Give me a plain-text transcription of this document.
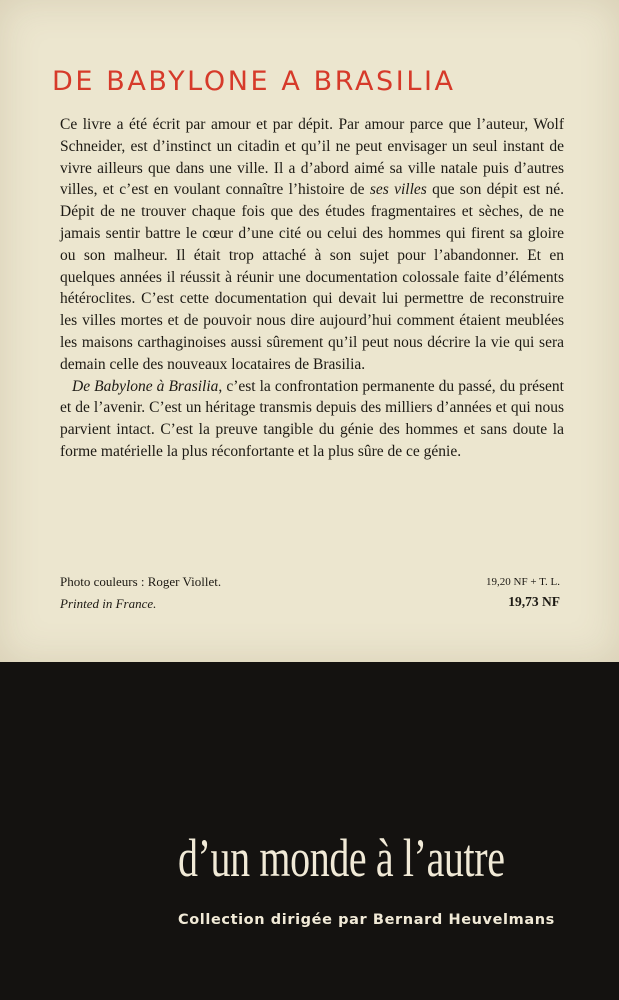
DE BABYLONE A BRASILIA

Ce livre a été écrit par amour et par dépit. Par amour parce que l’auteur, Wolf Schneider, est d’instinct un citadin et qu’il ne peut envisager un seul instant de vivre ailleurs que dans une ville. Il a d’abord aimé sa ville natale puis d’autres villes, et c’est en voulant connaître l’histoire de ses villes que son dépit est né. Dépit de ne trouver chaque fois que des études fragmentaires et sèches, de ne jamais sentir battre le cœur d’une cité ou celui des hommes qui firent sa gloire ou son malheur. Il était trop attaché à son sujet pour l’abandonner. Et en quelques années il réussit à réunir une documentation colossale faite d’éléments hétéroclites. C’est cette documentation qui devait lui permettre de reconstruire les villes mortes et de pouvoir nous dire aujourd’hui comment étaient meublées les maisons carthaginoises aussi sûrement qu’il peut nous décrire la vie qui sera demain celle des nouveaux locataires de Brasilia.

De Babylone à Brasilia, c’est la confrontation permanente du passé, du présent et de l’avenir. C’est un héritage transmis depuis des milliers d’années et qui nous parvient intact. C’est la preuve tangible du génie des hommes et sans doute la forme matérielle la plus réconfortante et la plus sûre de ce génie.

Photo couleurs : Roger Viollet.
Printed in France.
19,20 NF + T. L.
19,73 NF
d’un monde à l’autre
Collection dirigée par Bernard Heuvelmans
